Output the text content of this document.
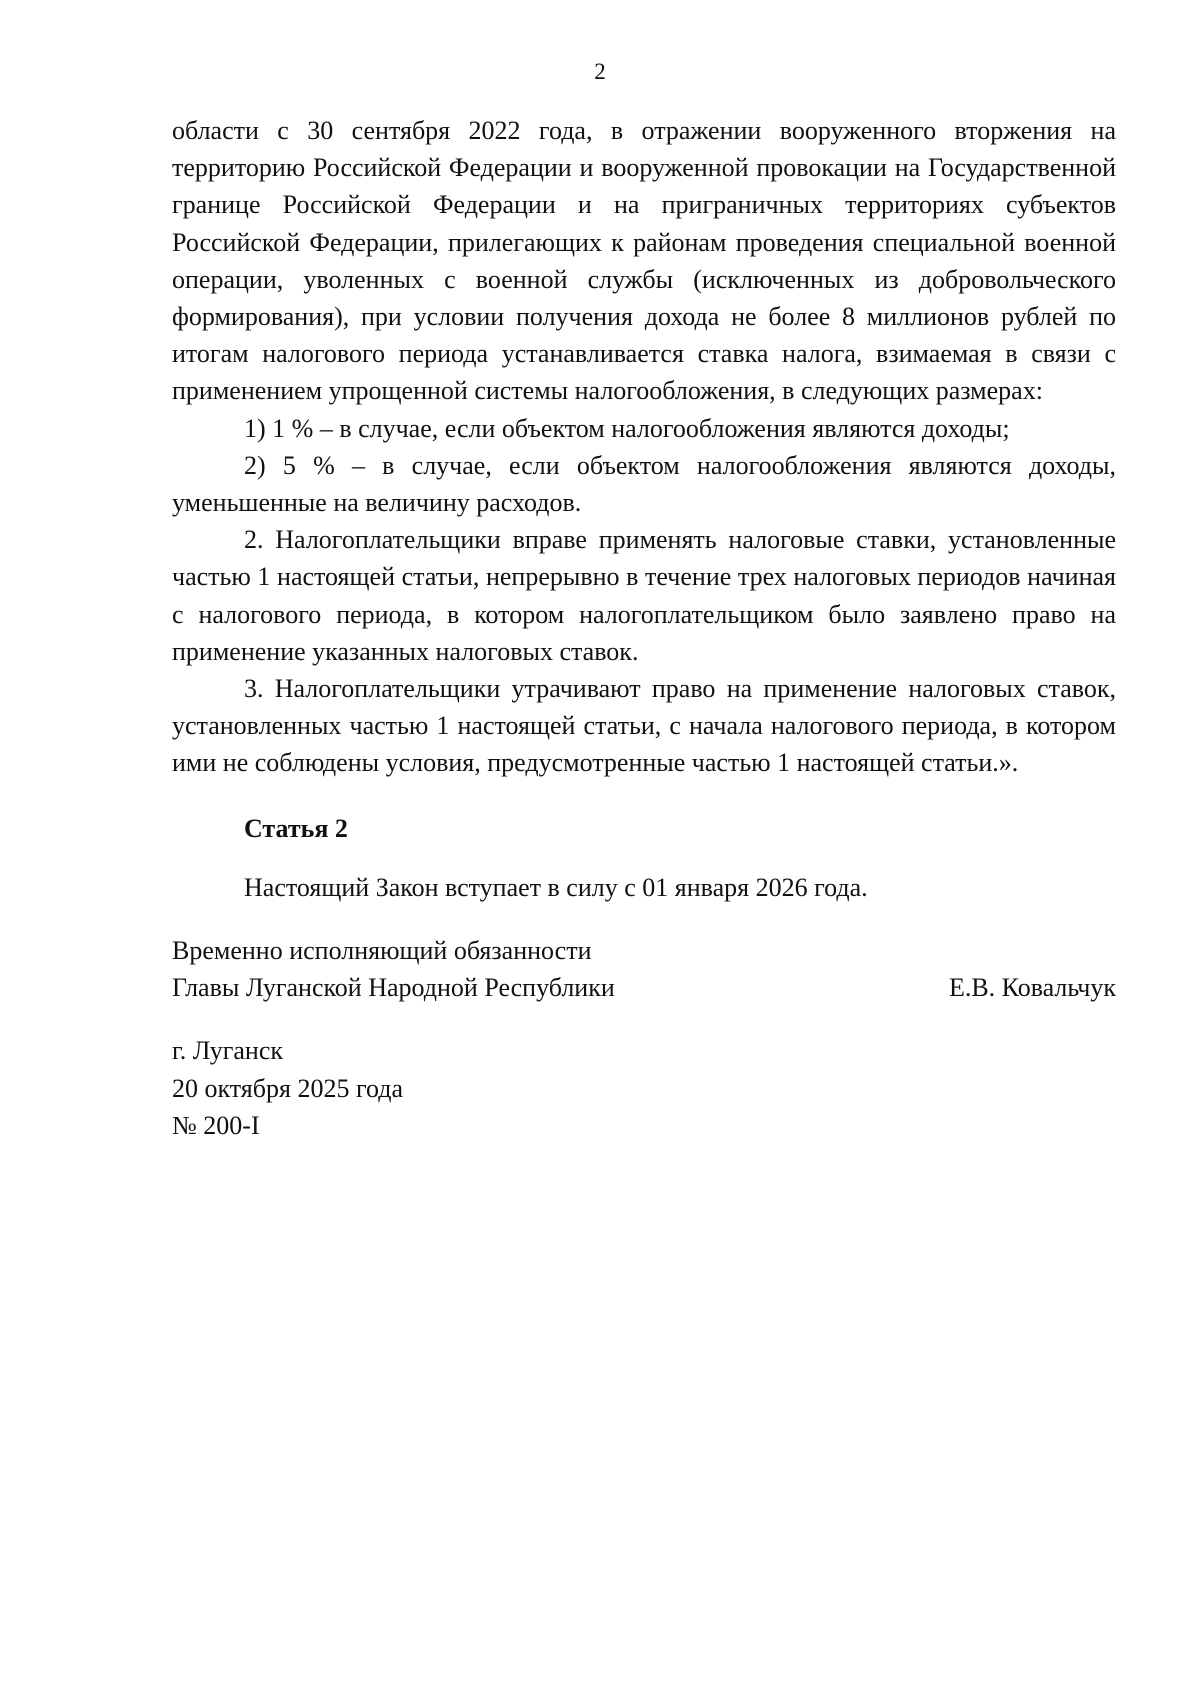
2

области с 30 сентября 2022 года, в отражении вооруженного вторжения на территорию Российской Федерации и вооруженной провокации на Государственной границе Российской Федерации и на приграничных территориях субъектов Российской Федерации, прилегающих к районам проведения специальной военной операции, уволенных с военной службы (исключенных из добровольческого формирования), при условии получения дохода не более 8 миллионов рублей по итогам налогового периода устанавливается ставка налога, взимаемая в связи с применением упрощенной системы налогообложения, в следующих размерах:

1) 1 % – в случае, если объектом налогообложения являются доходы;

2) 5 % – в случае, если объектом налогообложения являются доходы, уменьшенные на величину расходов.

2. Налогоплательщики вправе применять налоговые ставки, установленные частью 1 настоящей статьи, непрерывно в течение трех налоговых периодов начиная с налогового периода, в котором налогоплательщиком было заявлено право на применение указанных налоговых ставок.

3. Налогоплательщики утрачивают право на применение налоговых ставок, установленных частью 1 настоящей статьи, с начала налогового периода, в котором ими не соблюдены условия, предусмотренные частью 1 настоящей статьи.».

Статья 2

Настоящий Закон вступает в силу с 01 января 2026 года.

Временно исполняющий обязанности
Главы Луганской Народной Республики	Е.В. Ковальчук
г. Луганск
20 октября 2025 года
№ 200-I
